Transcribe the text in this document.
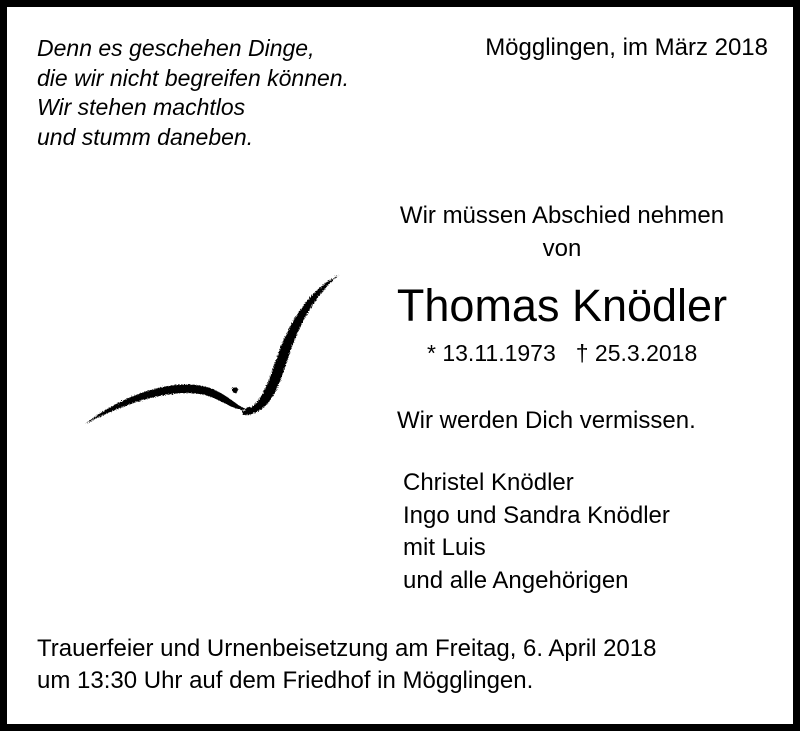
Denn es geschehen Dinge,
die wir nicht begreifen können.
Wir stehen machtlos
und stumm daneben.
Mögglingen, im März 2018
Wir müssen Abschied nehmen
von
Thomas Knödler
* 13.11.1973 † 25.3.2018
Wir werden Dich vermissen.
Christel Knödler
Ingo und Sandra Knödler
mit Luis
und alle Angehörigen
Trauerfeier und Urnenbeisetzung am Freitag, 6. April 2018
um 13:30 Uhr auf dem Friedhof in Mögglingen.
